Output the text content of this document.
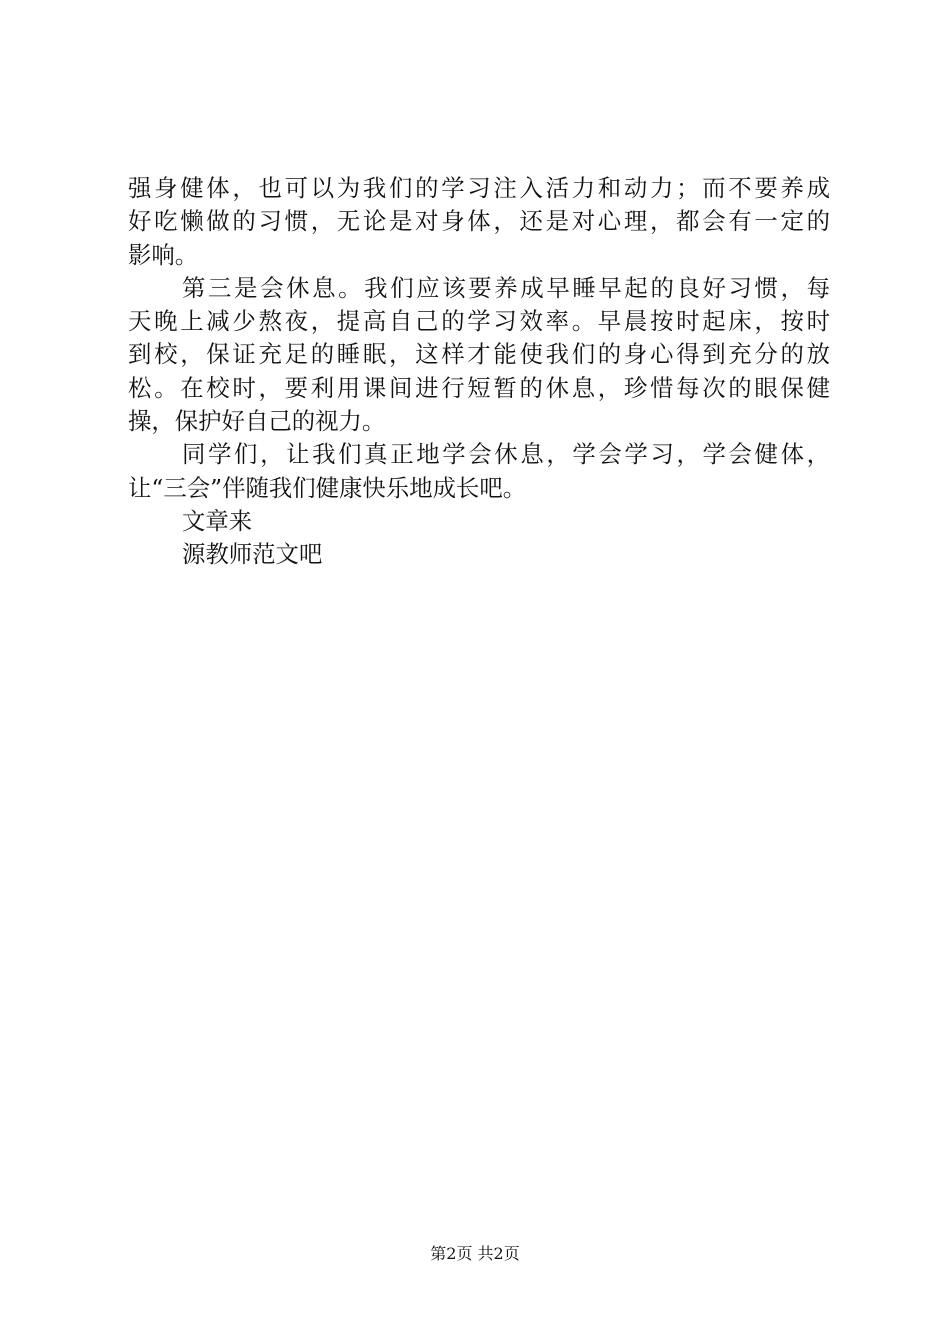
强身健体，也可以为我们的学习注入活力和动力；而不要养成
好吃懒做的习惯，无论是对身体，还是对心理，都会有一定的
影响。
第三是会休息。我们应该要养成早睡早起的良好习惯，每
天晚上减少熬夜，提高自己的学习效率。早晨按时起床，按时
到校，保证充足的睡眠，这样才能使我们的身心得到充分的放
松。在校时，要利用课间进行短暂的休息，珍惜每次的眼保健
操，保护好自己的视力。
同学们，让我们真正地学会休息，学会学习，学会健体，
让“三会”伴随我们健康快乐地成长吧。
文章来
源教师范文吧
第2页 共2页
